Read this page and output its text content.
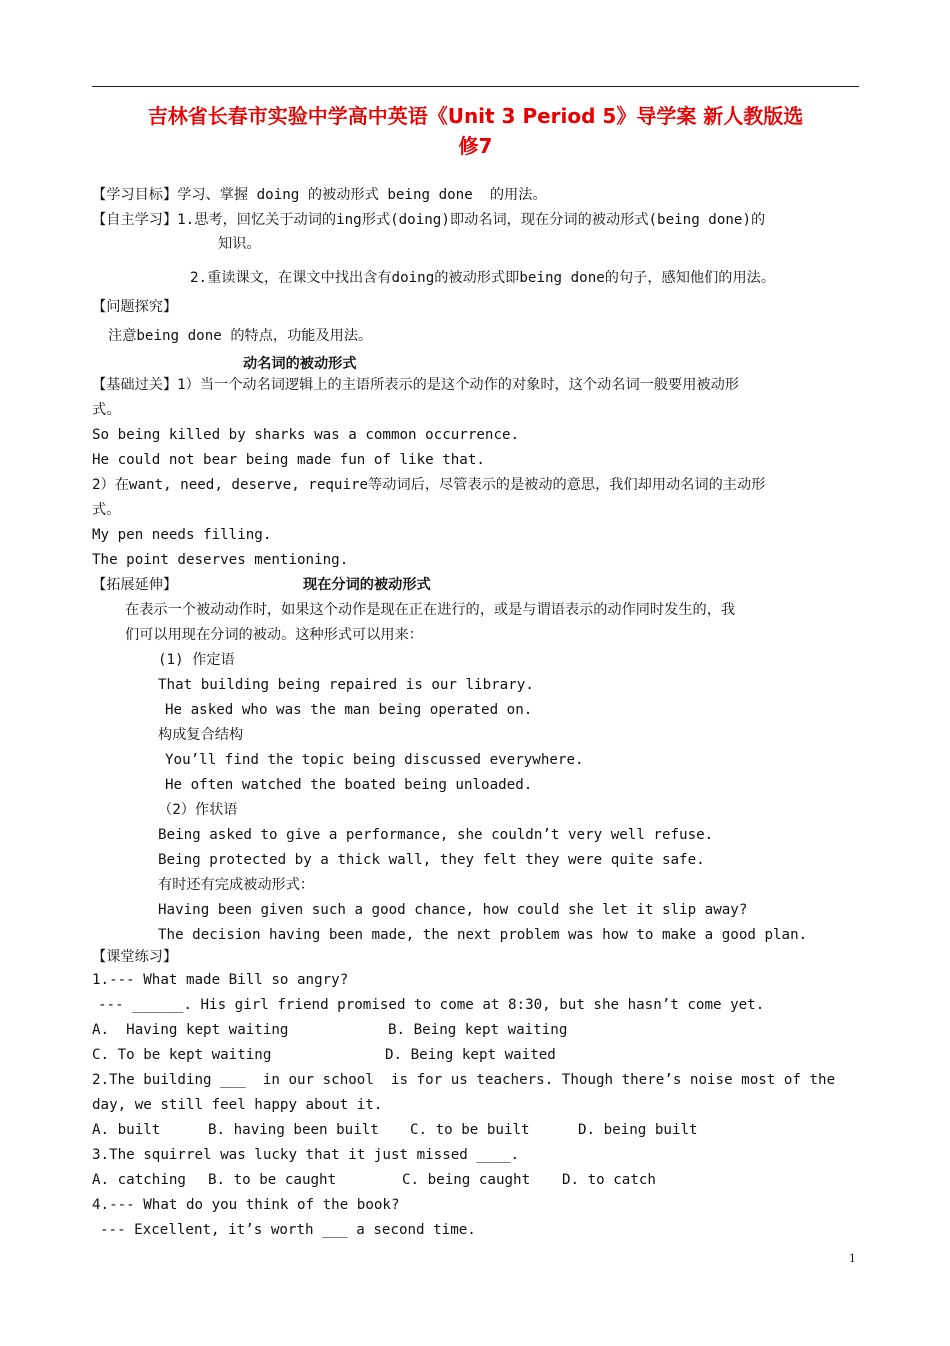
吉林省长春市实验中学高中英语《Unit 3 Period 5》导学案 新人教版选
修7
【学习目标】学习、掌握 doing 的被动形式 being done  的用法。
【自主学习】1.思考，回忆关于动词的ing形式(doing)即动名词，现在分词的被动形式(being done)的
知识。
2.重读课文，在课文中找出含有doing的被动形式即being done的句子，感知他们的用法。
【问题探究】
注意being done 的特点，功能及用法。
动名词的被动形式
【基础过关】1）当一个动名词逻辑上的主语所表示的是这个动作的对象时，这个动名词一般要用被动形
式。
So being killed by sharks was a common occurrence.
He could not bear being made fun of like that.
2）在want, need, deserve, require等动词后，尽管表示的是被动的意思，我们却用动名词的主动形
式。
My pen needs filling.
The point deserves mentioning.
【拓展延伸】	现在分词的被动形式
在表示一个被动动作时，如果这个动作是现在正在进行的，或是与谓语表示的动作同时发生的，我
们可以用现在分词的被动。这种形式可以用来：
(1) 作定语
That building being repaired is our library.
He asked who was the man being operated on.
构成复合结构
You’ll find the topic being discussed everywhere.
He often watched the boated being unloaded.
（2）作状语
Being asked to give a performance, she couldn’t very well refuse.
Being protected by a thick wall, they felt they were quite safe.
有时还有完成被动形式：
Having been given such a good chance, how could she let it slip away?
The decision having been made, the next problem was how to make a good plan.
【课堂练习】
1.--- What made Bill so angry?
--- ______. His girl friend promised to come at 8:30, but she hasn’t come yet.
A.  Having kept waiting	B. Being kept waiting
C. To be kept waiting	D. Being kept waited
2.The building ___  in our school  is for us teachers. Though there’s noise most of the
day, we still feel happy about it.
A. built	B. having been built C. to be built	D. being built
3.The squirrel was lucky that it just missed ____.
A. catching B. to be caught	C. being caught D. to catch
4.--- What do you think of the book?
--- Excellent, it’s worth ___ a second time.
1
